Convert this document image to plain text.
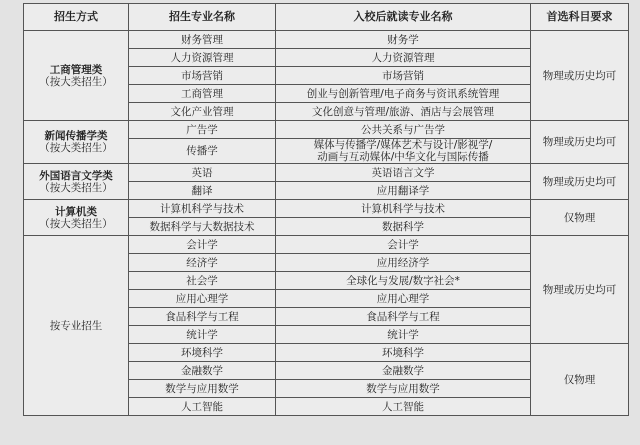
招生方式	招生专业名称	入校后就读专业名称	首选科目要求

工商管理类
（按大类招生）	财务管理	财务学	物理或历史均可
	人力资源管理	人力资源管理	
	市场营销	市场营销	
	工商管理	创业与创新管理/电子商务与资讯系统管理	
	文化产业管理	文化创意与管理/旅游、酒店与会展管理	

新闻传播学类
（按大类招生）	广告学	公共关系与广告学	物理或历史均可
	传播学	媒体与传播学/媒体艺术与设计/影视学/
动画与互动媒体/中华文化与国际传播	

外国语言文学类
（按大类招生）	英语	英语语言文学	物理或历史均可
	翻译	应用翻译学	

计算机类
（按大类招生）	计算机科学与技术	计算机科学与技术	仅物理
	数据科学与大数据技术	数据科学	
按专业招生	会计学	会计学	物理或历史均可
	经济学	应用经济学	
	社会学	全球化与发展/数字社会*	
	应用心理学	应用心理学	
	食品科学与工程	食品科学与工程	
	统计学	统计学	
	环境科学	环境科学	仅物理
	金融数学	金融数学	
	数学与应用数学	数学与应用数学	
	人工智能	人工智能	
